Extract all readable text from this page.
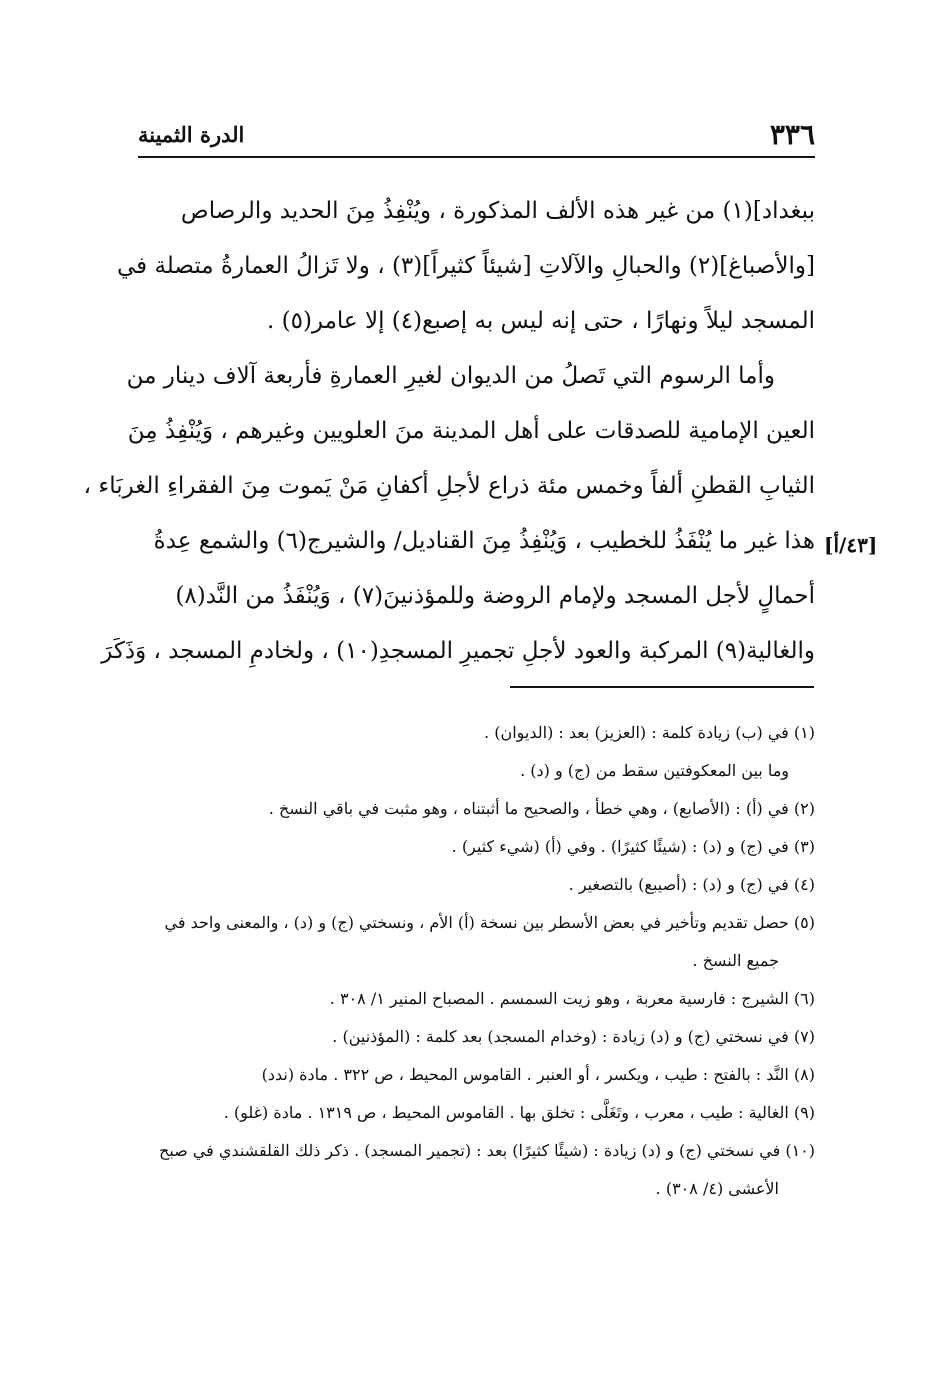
٣٣٦
الدرة الثمينة
ببغداد](١) من غير هذه الألف المذكورة ، ويُنْفِذُ مِنَ الحديد والرصاص
[والأصباغ](٢) والحبالِ والآلاتِ [شيئاً كثيراً](٣) ، ولا تَزالُ العمارةُ متصلة في
المسجد ليلاً ونهارًا ، حتى إنه ليس به إصبع(٤) إلا عامر(٥) .
وأما الرسوم التي تَصلُ من الديوان لغيرِ العمارةِ فأربعة آلاف دينار من
العين الإمامية للصدقات على أهل المدينة منَ العلويين وغيرهم ، وَيُنْفِذُ مِنَ
الثيابِ القطنِ ألفاً وخمس مئة ذراع لأجلِ أكفانِ مَنْ يَموت مِنَ الفقراءِ الغربَاء ،
هذا غير ما يُنْفَذُ للخطيب ، وَيُنْفِذُ مِنَ القناديل/ والشيرج(٦) والشمع عِدةُ
أحمالٍ لأجل المسجد ولإمام الروضة وللمؤذنينَ(٧) ، وَيُنْفَذُ من النَّد(٨)
والغالية(٩) المركبة والعود لأجلِ تجميرِ المسجدِ(١٠) ، ولخادمِ المسجد ، وَذَكَرَ
[٤٣/أ]
(١) في (ب) زيادة كلمة : (العزيز) بعد : (الديوان) .
وما بين المعكوفتين سقط من (ج) و (د) .
(٢) في (أ) : (الأصابع) ، وهي خطأ ، والصحيح ما أثبتناه ، وهو مثبت في باقي النسخ .
(٣) في (ج) و (د) : (شيئًا كثيرًا) . وفي (أ) (شيء كثير) .
(٤) في (ج) و (د) : (أصيبع) بالتصغير .
(٥) حصل تقديم وتأخير في بعض الأسطر بين نسخة (أ) الأم ، ونسختي (ج) و (د) ، والمعنى واحد في
جميع النسخ .
(٦) الشيرج : فارسية معربة ، وهو زيت السمسم . المصباح المنير ١/ ٣٠٨ .
(٧) في نسختي (ج) و (د) زيادة : (وخدام المسجد) بعد كلمة : (المؤذنين) .
(٨) النَّد : بالفتح : طيب ، ويكسر ، أو العنبر . القاموس المحيط ، ص ٣٢٢ . مادة (ندد)
(٩) الغالية : طيب ، معرب ، وتَغَلَّى : تخلق بها . القاموس المحيط ، ص ١٣١٩ . مادة (غلو) .
(١٠) في نسختي (ج) و (د) زيادة : (شيئًا كثيرًا) بعد : (تجمير المسجد) . ذكر ذلك القلقشندي في صبح
الأعشى (٤/ ٣٠٨) .
